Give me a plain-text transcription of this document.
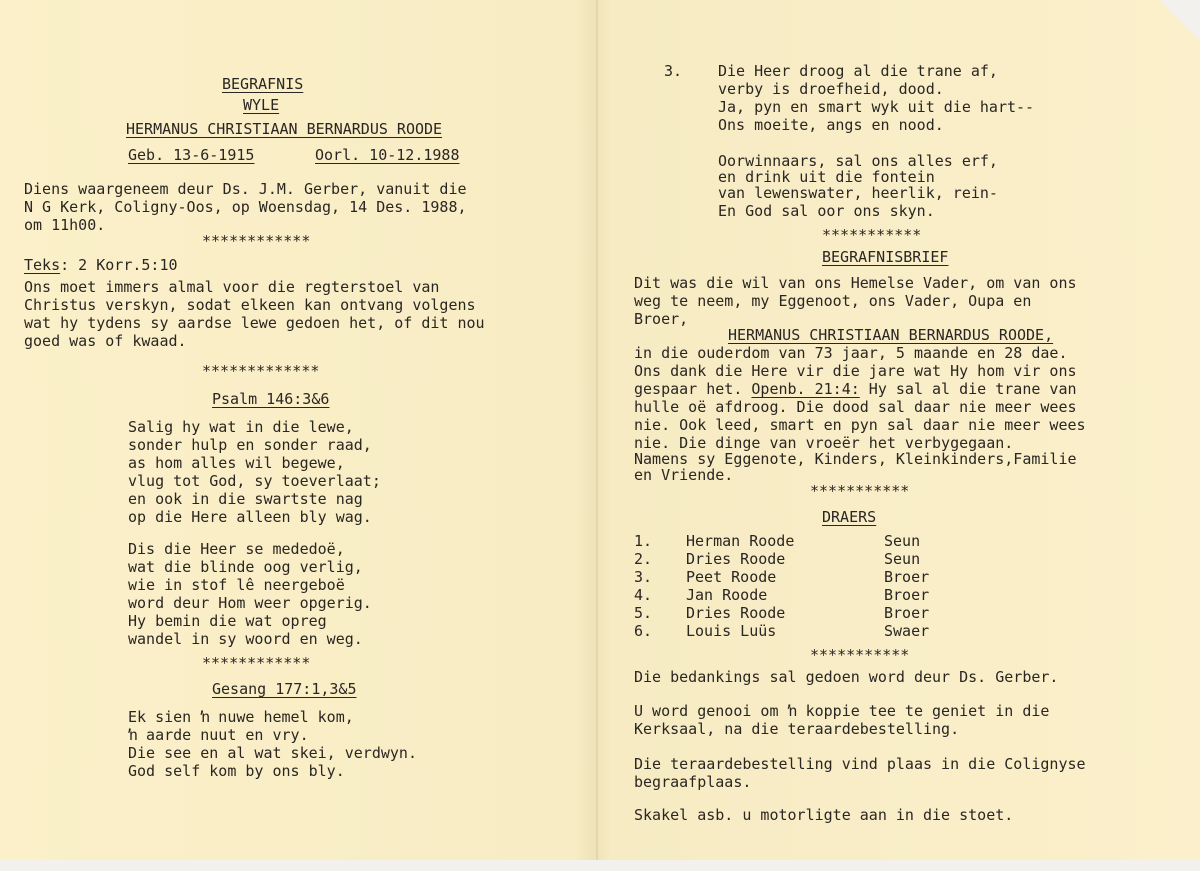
BEGRAFNIS
WYLE
HERMANUS CHRISTIAAN BERNARDUS ROODE
Geb. 13-6-1915	Oorl. 10-12.1988
Diens waargeneem deur Ds. J.M. Gerber, vanuit die
N G Kerk, Coligny-Oos, op Woensdag, 14 Des. 1988,
om 11h00.
************
Teks: 2 Korr.5:10
Ons moet immers almal voor die regterstoel van
Christus verskyn, sodat elkeen kan ontvang volgens
wat hy tydens sy aardse lewe gedoen het, of dit nou
goed was of kwaad.
*************
Psalm 146:3&6
Salig hy wat in die lewe,
sonder hulp en sonder raad,
as hom alles wil begewe,
vlug tot God, sy toeverlaat;
en ook in die swartste nag
op die Here alleen bly wag.
Dis die Heer se mededoë,
wat die blinde oog verlig,
wie in stof lê neergeboë
word deur Hom weer opgerig.
Hy bemin die wat opreg
wandel in sy woord en weg.
************
Gesang 177:1,3&5
Ek sien ŉ nuwe hemel kom,
ŉ aarde nuut en vry.
Die see en al wat skei, verdwyn.
God self kom by ons bly.
3. Die Heer droog al die trane af,
verby is droefheid, dood.
Ja, pyn en smart wyk uit die hart--
Ons moeite, angs en nood.
Oorwinnaars, sal ons alles erf,
en drink uit die fontein
van lewenswater, heerlik, rein-
En God sal oor ons skyn.
***********
BEGRAFNISBRIEF
Dit was die wil van ons Hemelse Vader, om van ons
weg te neem, my Eggenoot, ons Vader, Oupa en
Broer,
HERMANUS CHRISTIAAN BERNARDUS ROODE,
in die ouderdom van 73 jaar, 5 maande en 28 dae.
Ons dank die Here vir die jare wat Hy hom vir ons
gespaar het. Openb. 21:4: Hy sal al die trane van
hulle oë afdroog. Die dood sal daar nie meer wees
nie. Ook leed, smart en pyn sal daar nie meer wees
nie. Die dinge van vroeër het verbygegaan.
Namens sy Eggenote, Kinders, Kleinkinders,Familie
en Vriende.
***********
DRAERS
1. Herman Roode	Seun
2. Dries Roode	Seun
3. Peet Roode	Broer
4. Jan Roode	Broer
5. Dries Roode	Broer
6. Louis Luüs	Swaer
***********
Die bedankings sal gedoen word deur Ds. Gerber.
U word genooi om ŉ koppie tee te geniet in die
Kerksaal, na die teraardebestelling.
Die teraardebestelling vind plaas in die Colignyse
begraafplaas.
Skakel asb. u motorligte aan in die stoet.
